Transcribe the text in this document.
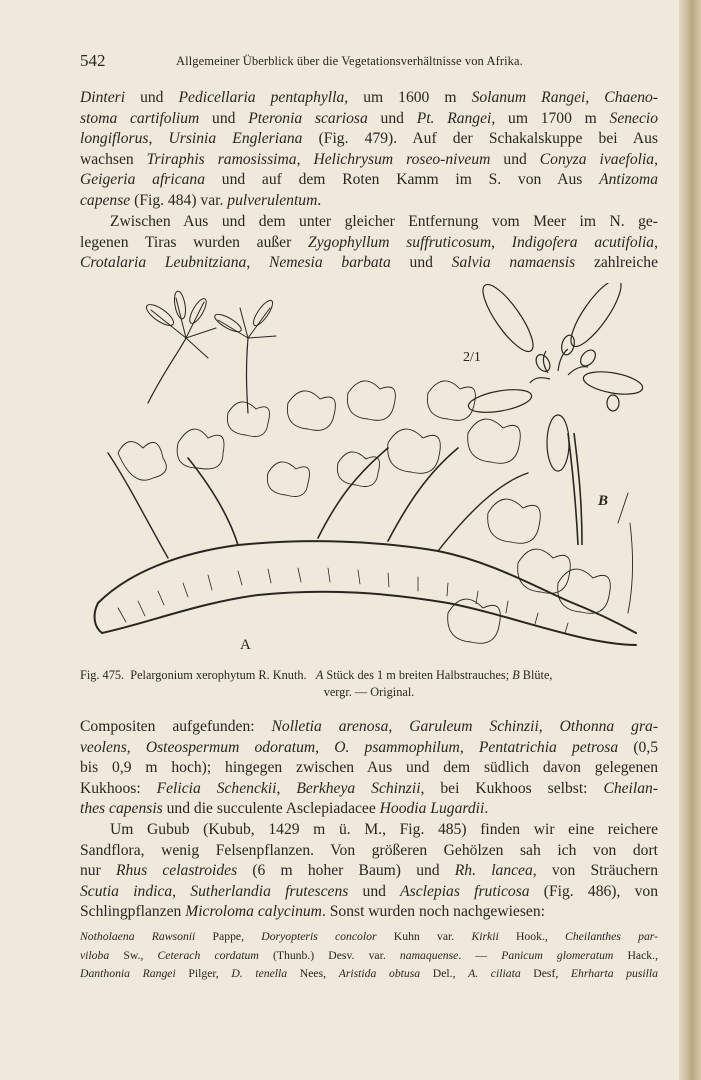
542	Allgemeiner Überblick über die Vegetationsverhältnisse von Afrika.
Dinteri und Pedicellaria pentaphylla, um 1600 m Solanum Rangei, Chaeno-
stoma cartifolium und Pteronia scariosa und Pt. Rangei, um 1700 m Senecio
longiflorus, Ursinia Engleriana (Fig. 479). Auf der Schakalskuppe bei Aus
wachsen Triraphis ramosissima, Helichrysum roseo-niveum und Conyza ivaefolia,
Geigeria africana und auf dem Roten Kamm im S. von Aus Antizoma
capense (Fig. 484) var. pulverulentum.
Zwischen Aus und dem unter gleicher Entfernung vom Meer im N. ge-
legenen Tiras wurden außer Zygophyllum suffruticosum, Indigofera acutifolia,
Crotalaria Leubnitziana, Nemesia barbata und Salvia namaensis zahlreiche
A
B
2/1
Fig. 475. Pelargonium xerophytum R. Knuth. A Stück des 1 m breiten Halbstrauches; B Blüte,
vergr. — Original.
Compositen aufgefunden: Nolletia arenosa, Garuleum Schinzii, Othonna gra-
veolens, Osteospermum odoratum, O. psammophilum, Pentatrichia petrosa (0,5
bis 0,9 m hoch); hingegen zwischen Aus und dem südlich davon gelegenen
Kukhoos: Felicia Schenckii, Berkheya Schinzii, bei Kukhoos selbst: Cheilan-
thes capensis und die succulente Asclepiadacee Hoodia Lugardii.
Um Gubub (Kubub, 1429 m ü. M., Fig. 485) finden wir eine reichere
Sandflora, wenig Felsenpflanzen. Von größeren Gehölzen sah ich von dort
nur Rhus celastroides (6 m hoher Baum) und Rh. lancea, von Sträuchern
Scutia indica, Sutherlandia frutescens und Asclepias fruticosa (Fig. 486), von
Schlingpflanzen Microloma calycinum. Sonst wurden noch nachgewiesen:
Notholaena Rawsonii Pappe, Doryopteris concolor Kuhn var. Kirkii Hook., Cheilanthes par-
viloba Sw., Ceterach cordatum (Thunb.) Desv. var. namaquense. — Panicum glomeratum Hack.,
Danthonia Rangei Pilger, D. tenella Nees, Aristida obtusa Del., A. ciliata Desf, Ehrharta pusilla
